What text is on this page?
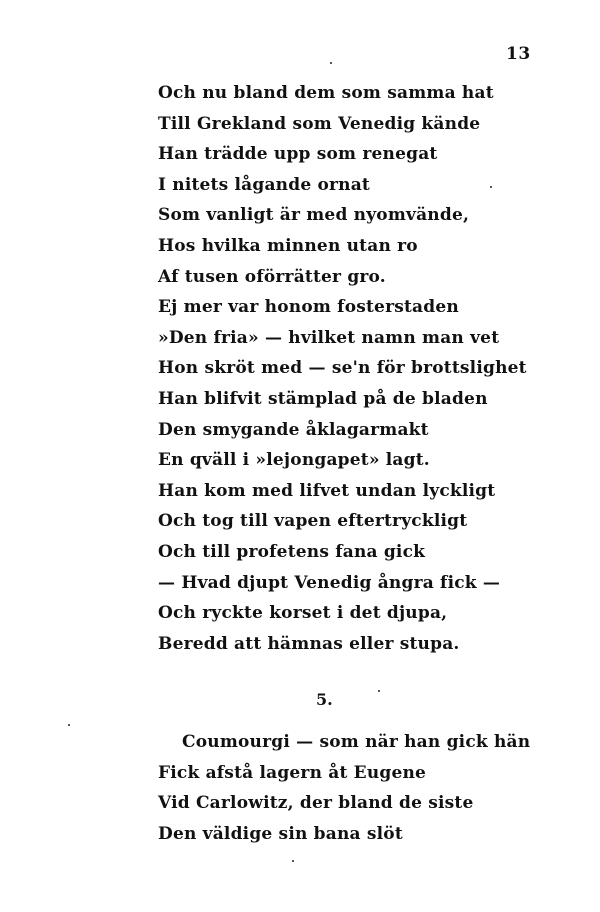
13
Och nu bland dem som samma hat
Till Grekland som Venedig kände
Han trädde upp som renegat
I nitets lågande ornat
Som vanligt är med nyomvände,
Hos hvilka minnen utan ro
Af tusen oförrätter gro.
Ej mer var honom fosterstaden
»Den fria» — hvilket namn man vet
Hon skröt med — se'n för brottslighet
Han blifvit stämplad på de bladen
Den smygande åklagarmakt
En qväll i »lejongapet» lagt.
Han kom med lifvet undan lyckligt
Och tog till vapen eftertryckligt
Och till profetens fana gick
— Hvad djupt Venedig ångra fick —
Och ryckte korset i det djupa,
Beredd att hämnas eller stupa.
5.
Coumourgi — som när han gick hän
Fick afstå lagern åt Eugene
Vid Carlowitz, der bland de siste
Den väldige sin bana slöt
